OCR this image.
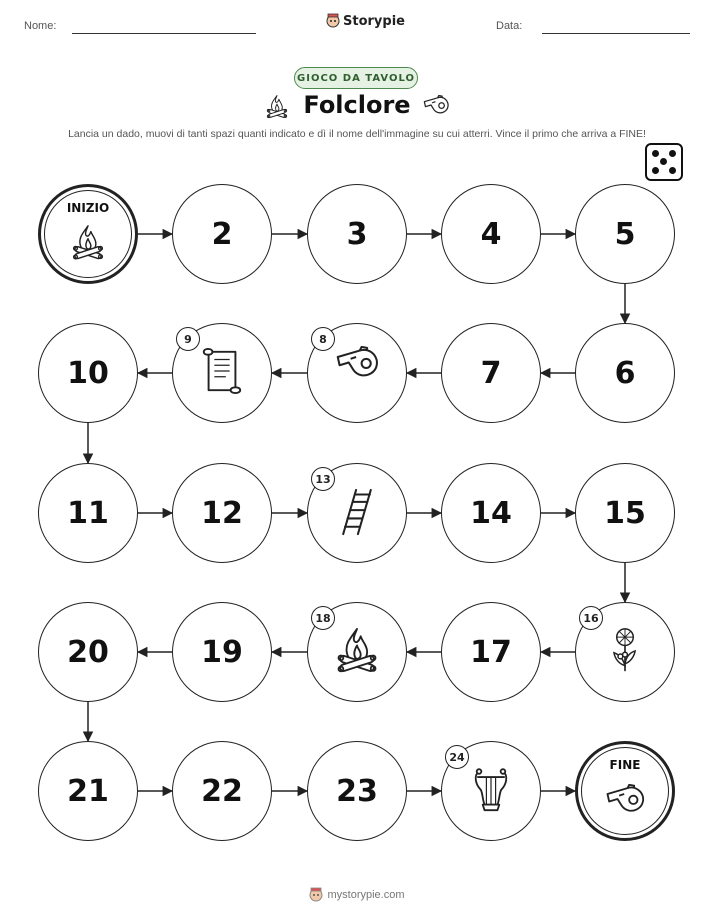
Nome:	Storypie	Data:
GIOCO DA TAVOLO
Folclore
Lancia un dado, muovi di tanti spazi quanti indicato e dì il nome dell'immagine su cui atterri. Vince il primo che arriva a FINE!
INIZIO
2	3	4	5
6
7
8
9
10
11	12
13
14	15
16
17
18
19
20
21	22	23
24
FINE
mystorypie.com
